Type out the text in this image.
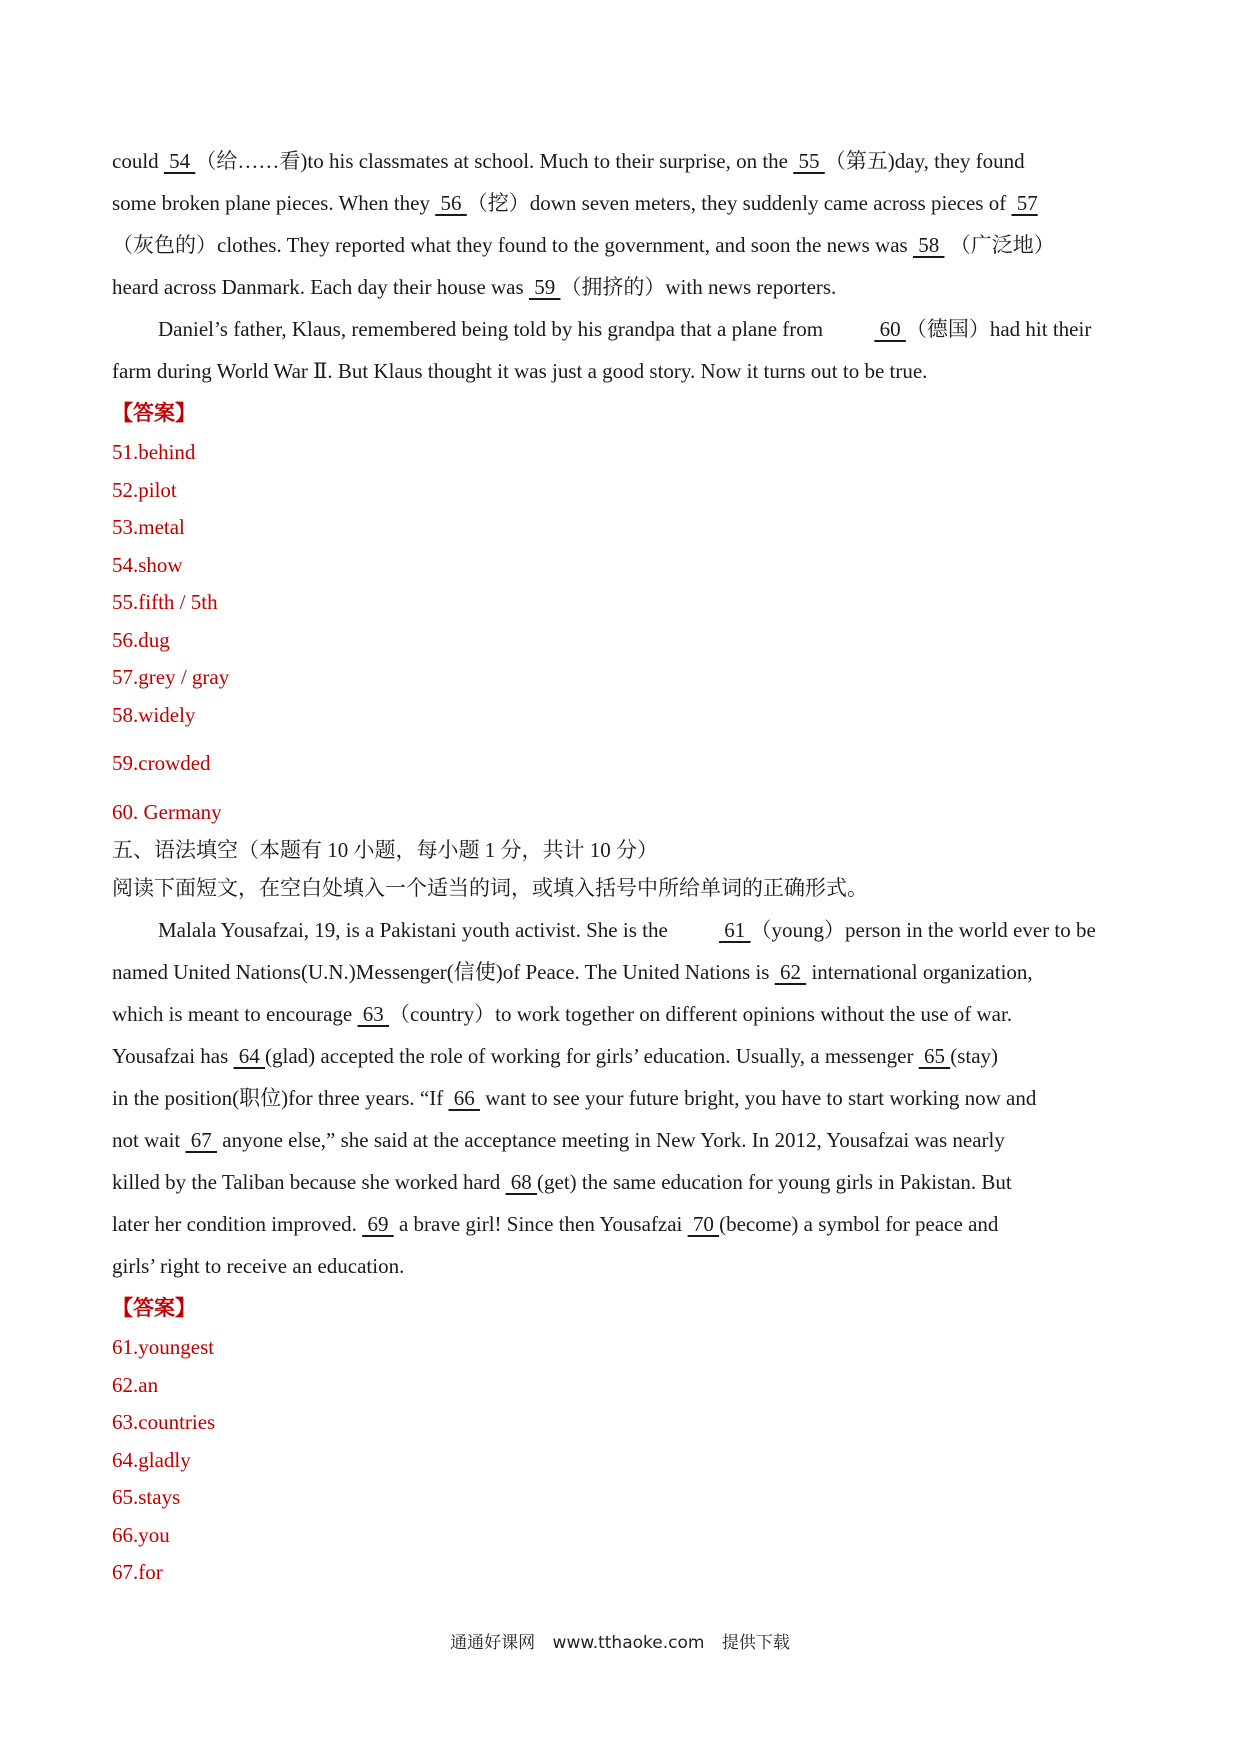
could  54 （给……看)to his classmates at school. Much to their surprise, on the  55 （第五)day, they found

some broken plane pieces. When they  56 （挖）down seven meters, they suddenly came across pieces of  57

（灰色的）clothes. They reported what they found to the government, and soon the news was  58  （广泛地）

heard across Danmark. Each day their house was  59 （拥挤的）with news reporters.

Daniel’s father, Klaus, remembered being told by his grandpa that a plane from  60 （德国）had hit their

farm during World War Ⅱ. But Klaus thought it was just a good story. Now it turns out to be true.

【答案】

51.behind

52.pilot

53.metal

54.show

55.fifth / 5th

56.dug

57.grey / gray

58.widely

59.crowded

60. Germany

五、语法填空（本题有 10 小题，每小题 1 分，共计 10 分）

阅读下面短文，在空白处填入一个适当的词，或填入括号中所给单词的正确形式。

Malala Yousafzai, 19, is a Pakistani youth activist. She is the  61 （young）person in the world ever to be

named United Nations(U.N.)Messenger(信使)of Peace. The United Nations is  62  international organization,

which is meant to encourage  63 （country）to work together on different opinions without the use of war.

Yousafzai has  64 (glad) accepted the role of working for girls’ education. Usually, a messenger  65 (stay)

in the position(职位)for three years. “If  66  want to see your future bright, you have to start working now and

not wait  67  anyone else,” she said at the acceptance meeting in New York. In 2012, Yousafzai was nearly

killed by the Taliban because she worked hard  68 (get) the same education for young girls in Pakistan. But

later her condition improved.  69  a brave girl! Since then Yousafzai  70 (become) a symbol for peace and

girls’ right to receive an education.

【答案】

61.youngest

62.an

63.countries

64.gladly

65.stays

66.you

67.for

通通好课网 www.tthaoke.com 提供下载
